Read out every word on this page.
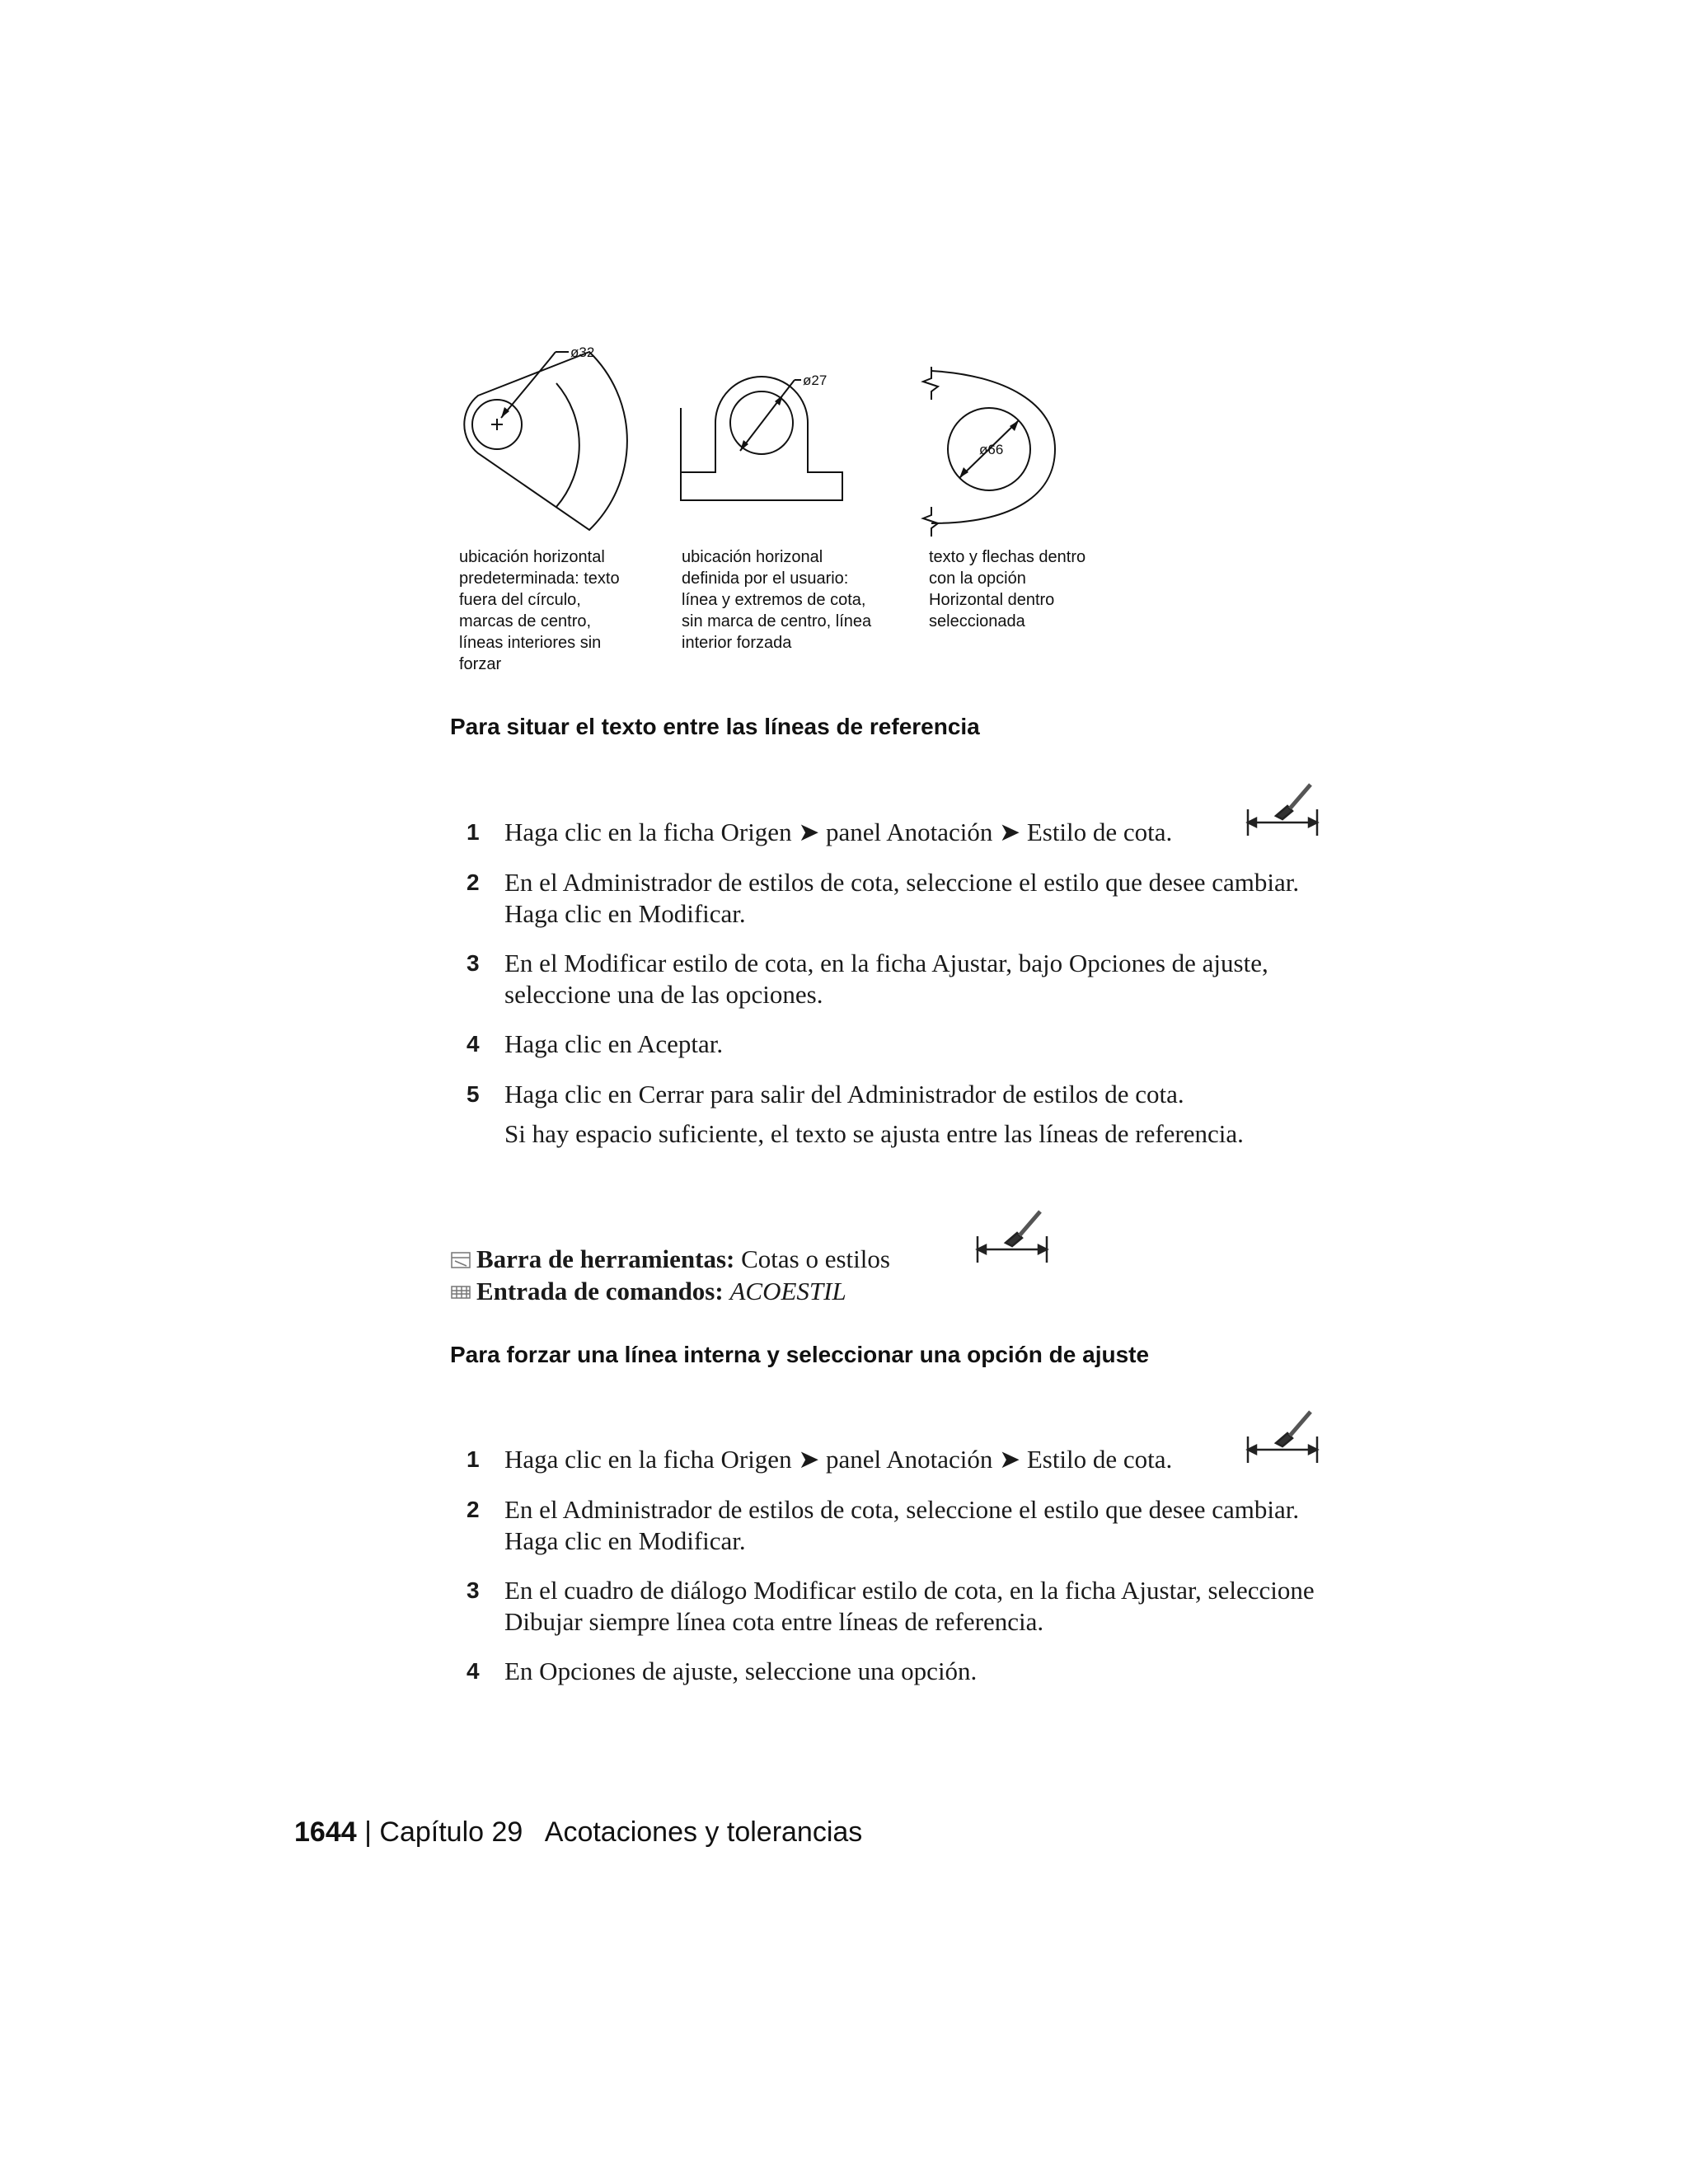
ø32
ø27
ø66
ubicación horizontal
predeterminada: texto
fuera del círculo,
marcas de centro,
líneas interiores sin
forzar
ubicación horizonal
definida por el usuario:
línea y extremos de cota,
sin marca de centro, línea
interior forzada
texto y flechas dentro
con la opción
Horizontal dentro
seleccionada
Para situar el texto entre las líneas de referencia
1 Haga clic en la ficha Origen ➤ panel Anotación ➤ Estilo de cota.
2 En el Administrador de estilos de cota, seleccione el estilo que desee cambiar. Haga clic en Modificar.
3 En el Modificar estilo de cota, en la ficha Ajustar, bajo Opciones de ajuste, seleccione una de las opciones.
4 Haga clic en Aceptar.
5 Haga clic en Cerrar para salir del Administrador de estilos de cota.
Si hay espacio suficiente, el texto se ajusta entre las líneas de referencia.
Barra de herramientas: Cotas o estilos
Entrada de comandos: ACOESTIL
Para forzar una línea interna y seleccionar una opción de ajuste
1 Haga clic en la ficha Origen ➤ panel Anotación ➤ Estilo de cota.
2 En el Administrador de estilos de cota, seleccione el estilo que desee cambiar. Haga clic en Modificar.
3 En el cuadro de diálogo Modificar estilo de cota, en la ficha Ajustar, seleccione Dibujar siempre línea cota entre líneas de referencia.
4 En Opciones de ajuste, seleccione una opción.
1644 | Capítulo 29 Acotaciones y tolerancias
